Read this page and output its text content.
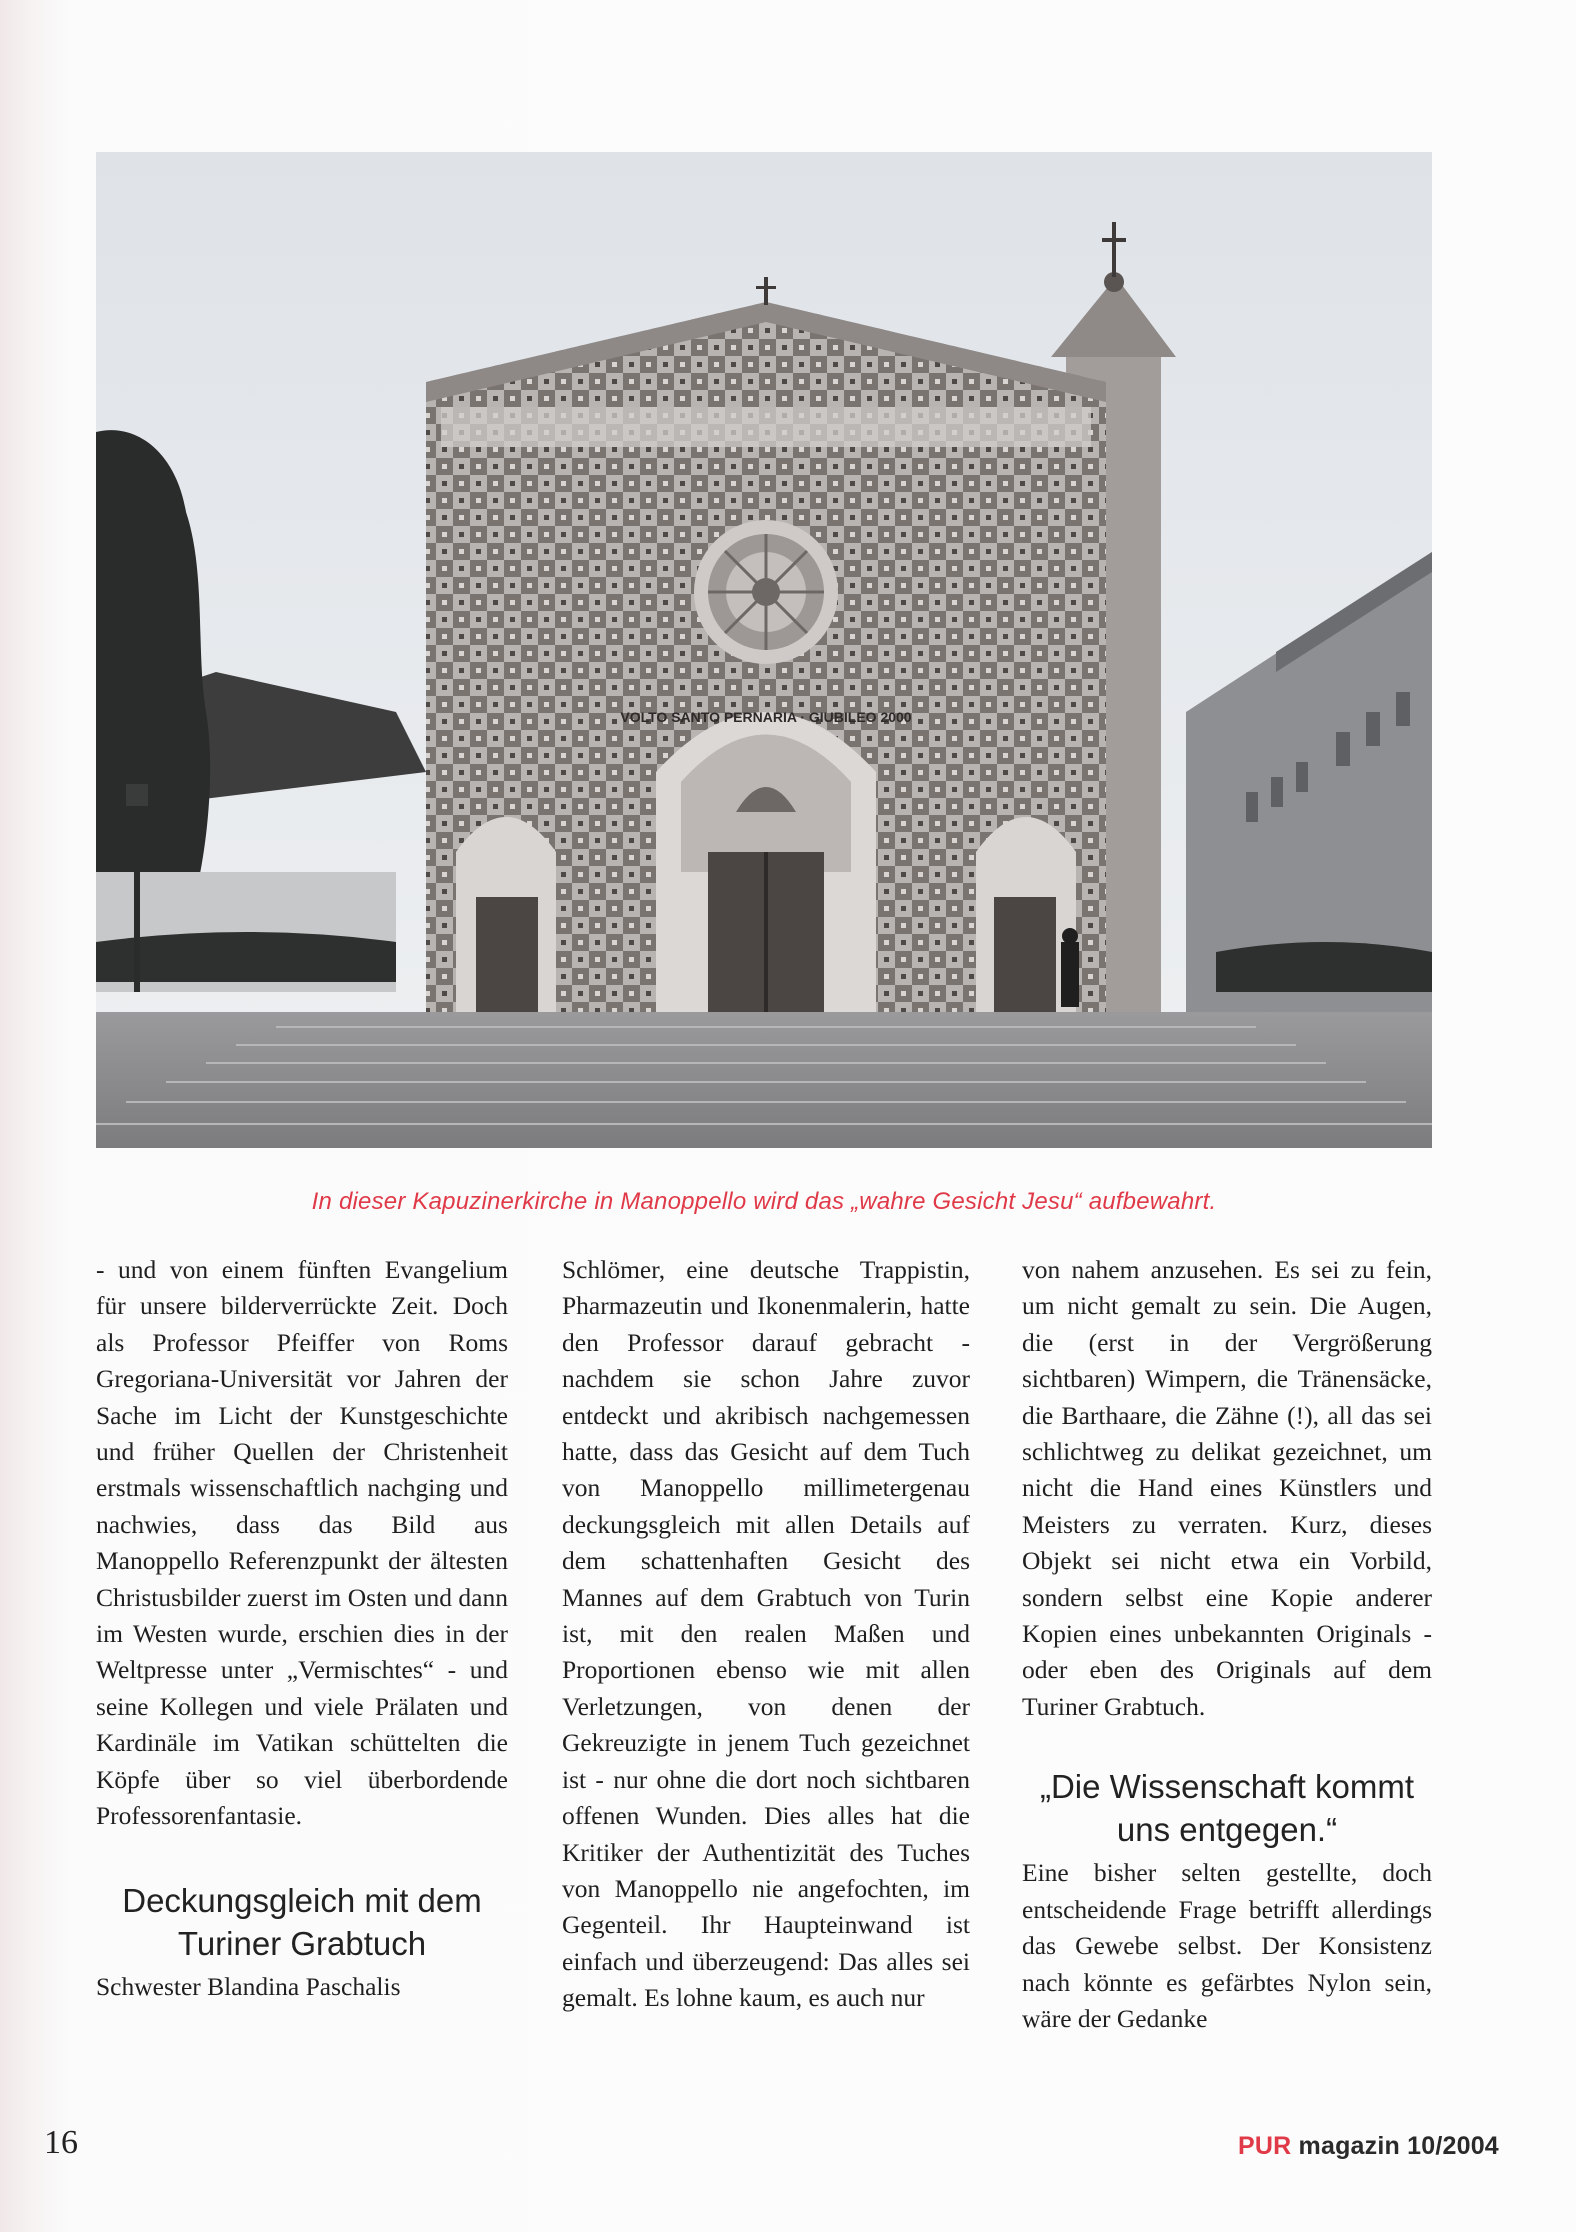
VOLTO SANTO PERNARIA · GIUBILEO 2000
In dieser Kapuzinerkirche in Manoppello wird das „wahre Gesicht Jesu“ aufbewahrt.

- und von einem fünften Evangelium für unsere bilderverrückte Zeit. Doch als Professor Pfeiffer von Roms Gregoriana-Universität vor Jahren der Sache im Licht der Kunstgeschichte und früher Quellen der Christenheit erstmals wissenschaftlich nachging und nachwies, dass das Bild aus Manoppello Referenzpunkt der ältesten Christusbilder zuerst im Osten und dann im Westen wurde, erschien dies in der Weltpresse unter „Vermischtes“ - und seine Kollegen und viele Prälaten und Kardinäle im Vatikan schüttelten die Köpfe über so viel überbordende Professorenfantasie.

Deckungsgleich mit dem Turiner Grabtuch

Schwester Blandina Paschalis

Schlömer, eine deutsche Trappistin, Pharmazeutin und Ikonenmalerin, hatte den Professor darauf gebracht - nachdem sie schon Jahre zuvor entdeckt und akribisch nachgemessen hatte, dass das Gesicht auf dem Tuch von Manoppello millimetergenau deckungsgleich mit allen Details auf dem schattenhaften Gesicht des Mannes auf dem Grabtuch von Turin ist, mit den realen Maßen und Proportionen ebenso wie mit allen Verletzungen, von denen der Gekreuzigte in jenem Tuch gezeichnet ist - nur ohne die dort noch sichtbaren offenen Wunden. Dies alles hat die Kritiker der Authentizität des Tuches von Manoppello nie angefochten, im Gegenteil. Ihr Haupteinwand ist einfach und überzeugend: Das alles sei gemalt. Es lohne kaum, es auch nur

von nahem anzusehen. Es sei zu fein, um nicht gemalt zu sein. Die Augen, die (erst in der Vergrößerung sichtbaren) Wimpern, die Tränensäcke, die Barthaare, die Zähne (!), all das sei schlichtweg zu delikat gezeichnet, um nicht die Hand eines Künstlers und Meisters zu verraten. Kurz, dieses Objekt sei nicht etwa ein Vorbild, sondern selbst eine Kopie anderer Kopien eines unbekannten Originals - oder eben des Originals auf dem Turiner Grabtuch.

„Die Wissenschaft kommt uns entgegen.“

Eine bisher selten gestellte, doch entscheidende Frage betrifft allerdings das Gewebe selbst. Der Konsistenz nach könnte es gefärbtes Nylon sein, wäre der Gedanke

16	PUR magazin 10/2004
